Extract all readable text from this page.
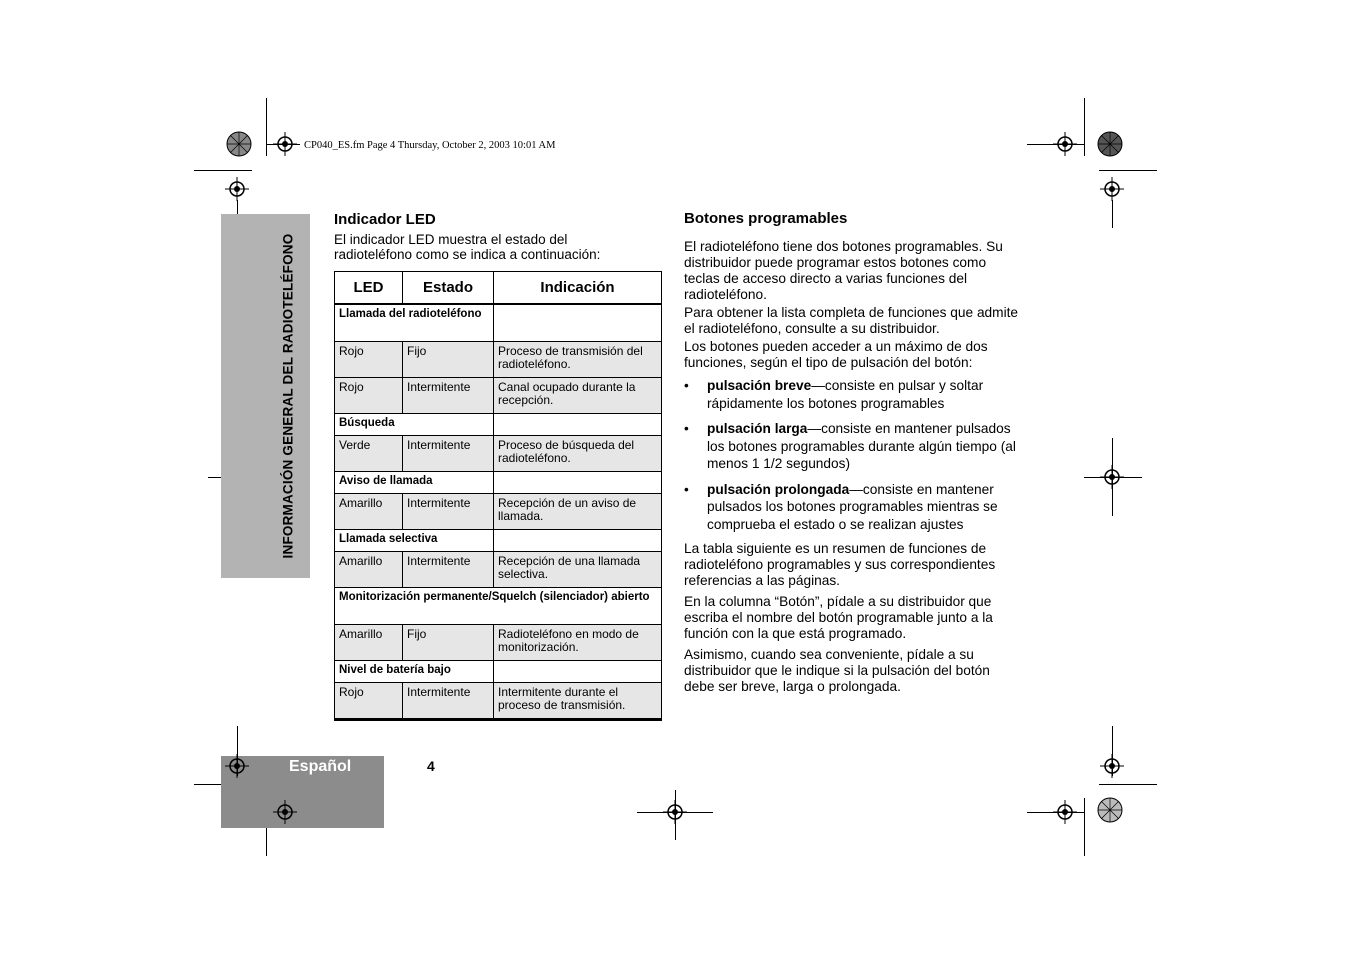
CP040_ES.fm Page 4 Thursday, October 2, 2003 10:01 AM
INFORMACIÓN GENERAL DEL RADIOTELÉFONO
Español	4
Indicador LED
El indicador LED muestra el estado del
radioteléfono como se indica a continuación:
LED	Estado	Indicación
Llamada del radioteléfono		
Rojo	Fijo	Proceso de transmisión del radioteléfono.
Rojo	Intermitente	Canal ocupado durante la recepción.
Búsqueda		
Verde	Intermitente	Proceso de búsqueda del radioteléfono.
Aviso de llamada		
Amarillo	Intermitente	Recepción de un aviso de llamada.
Llamada selectiva		
Amarillo	Intermitente	Recepción de una llamada selectiva.
Monitorización permanente/Squelch (silenciador) abierto		
Amarillo	Fijo	Radioteléfono en modo de monitorización.
Nivel de batería bajo		
Rojo	Intermitente	Intermitente durante el proceso de transmisión.
Botones programables

El radioteléfono tiene dos botones programables. Su distribuidor puede programar estos botones como teclas de acceso directo a varias funciones del radioteléfono.

Para obtener la lista completa de funciones que admite el radioteléfono, consulte a su distribuidor.

Los botones pueden acceder a un máximo de dos funciones, según el tipo de pulsación del botón:

• pulsación breve—consiste en pulsar y soltar rápidamente los botones programables
• pulsación larga—consiste en mantener pulsados los botones programables durante algún tiempo (al menos 1 1/2 segundos)
• pulsación prolongada—consiste en mantener pulsados los botones programables mientras se comprueba el estado o se realizan ajustes

La tabla siguiente es un resumen de funciones de radioteléfono programables y sus correspondientes referencias a las páginas.

En la columna “Botón”, pídale a su distribuidor que escriba el nombre del botón programable junto a la función con la que está programado.

Asimismo, cuando sea conveniente, pídale a su distribuidor que le indique si la pulsación del botón debe ser breve, larga o prolongada.
